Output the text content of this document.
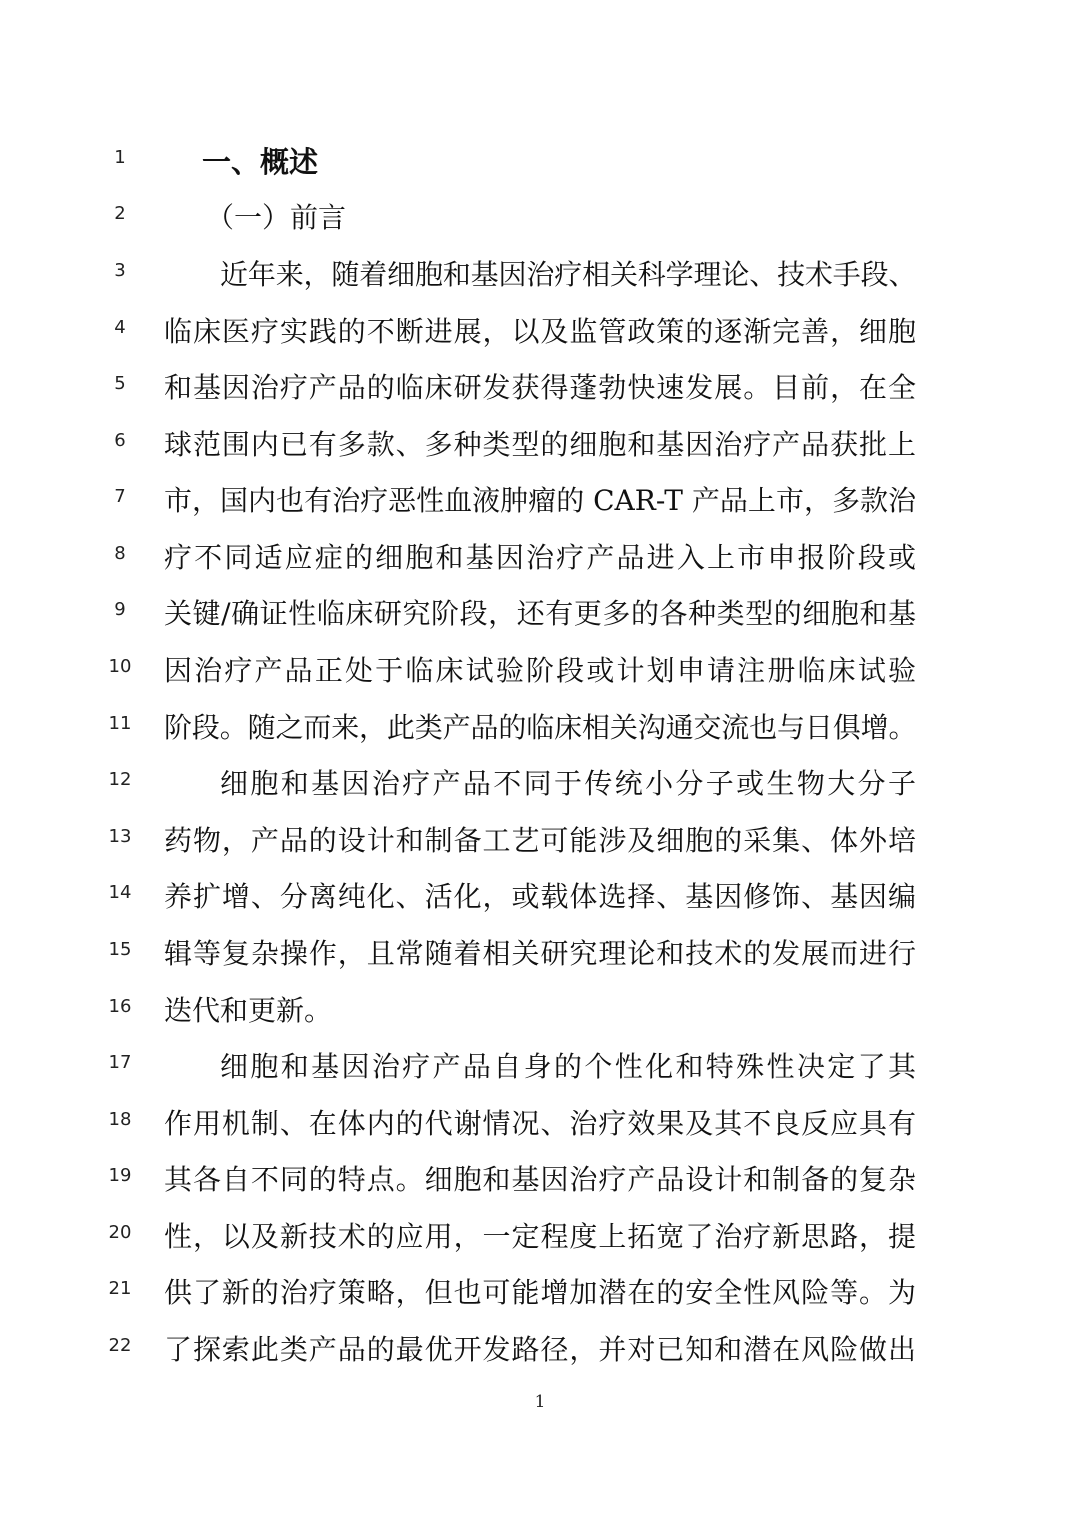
1	一、概述
2	（一）前言
3	近年来，随着细胞和基因治疗相关科学理论、技术手段、
4	临床医疗实践的不断进展，以及监管政策的逐渐完善，细胞
5	和基因治疗产品的临床研发获得蓬勃快速发展。目前，在全
6	球范围内已有多款、多种类型的细胞和基因治疗产品获批上
7	市，国内也有治疗恶性血液肿瘤的 CAR-T 产品上市，多款治
8	疗不同适应症的细胞和基因治疗产品进入上市申报阶段或
9	关键/确证性临床研究阶段，还有更多的各种类型的细胞和基
10	因治疗产品正处于临床试验阶段或计划申请注册临床试验
11	阶段。随之而来，此类产品的临床相关沟通交流也与日俱增。
12	细胞和基因治疗产品不同于传统小分子或生物大分子
13	药物，产品的设计和制备工艺可能涉及细胞的采集、体外培
14	养扩增、分离纯化、活化，或载体选择、基因修饰、基因编
15	辑等复杂操作，且常随着相关研究理论和技术的发展而进行
16	迭代和更新。
17	细胞和基因治疗产品自身的个性化和特殊性决定了其
18	作用机制、在体内的代谢情况、治疗效果及其不良反应具有
19	其各自不同的特点。细胞和基因治疗产品设计和制备的复杂
20	性，以及新技术的应用，一定程度上拓宽了治疗新思路，提
21	供了新的治疗策略，但也可能增加潜在的安全性风险等。为
22	了探索此类产品的最优开发路径，并对已知和潜在风险做出
1
